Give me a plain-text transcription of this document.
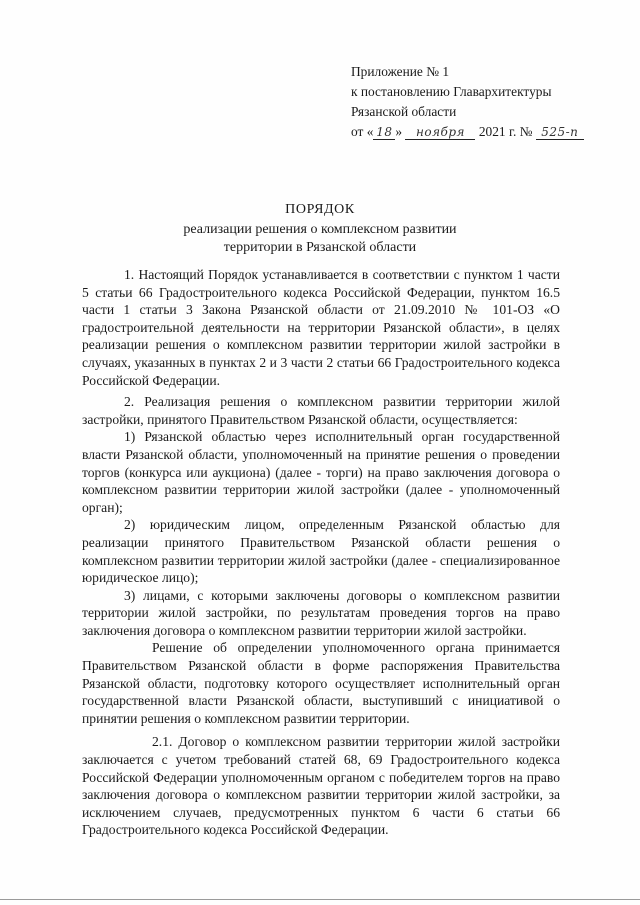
Приложение № 1
к постановлению Главархитектуры
Рязанской области
от « 18 » ноября 2021 г. № 525-п
ПОРЯДОК
реализации решения о комплексном развитии
территории в Рязанской области

1. Настоящий Порядок устанавливается в соответствии с пунктом 1 части 5 статьи 66 Градостроительного кодекса Российской Федерации, пунктом 16.5 части 1 статьи 3 Закона Рязанской области от 21.09.2010 № 101-ОЗ «О градостроительной деятельности на территории Рязанской области», в целях реализации решения о комплексном развитии территории жилой застройки в случаях, указанных в пунктах 2 и 3 части 2 статьи 66 Градостроительного кодекса Российской Федерации.

2. Реализация решения о комплексном развитии территории жилой застройки, принятого Правительством Рязанской области, осуществляется:

1) Рязанской областью через исполнительный орган государственной власти Рязанской области, уполномоченный на принятие решения о проведении торгов (конкурса или аукциона) (далее - торги) на право заключения договора о комплексном развитии территории жилой застройки (далее - уполномоченный орган);

2) юридическим лицом, определенным Рязанской областью для реализации принятого Правительством Рязанской области решения о комплексном развитии территории жилой застройки (далее - специализированное юридическое лицо);

3) лицами, с которыми заключены договоры о комплексном развитии территории жилой застройки, по результатам проведения торгов на право заключения договора о комплексном развитии территории жилой застройки.

Решение об определении уполномоченного органа принимается Правительством Рязанской области в форме распоряжения Правительства Рязанской области, подготовку которого осуществляет исполнительный орган государственной власти Рязанской области, выступивший с инициативой о принятии решения о комплексном развитии территории.

2.1. Договор о комплексном развитии территории жилой застройки заключается с учетом требований статей 68, 69 Градостроительного кодекса Российской Федерации уполномоченным органом с победителем торгов на право заключения договора о комплексном развитии территории жилой застройки, за исключением случаев, предусмотренных пунктом 6 части 6 статьи 66 Градостроительного кодекса Российской Федерации.
